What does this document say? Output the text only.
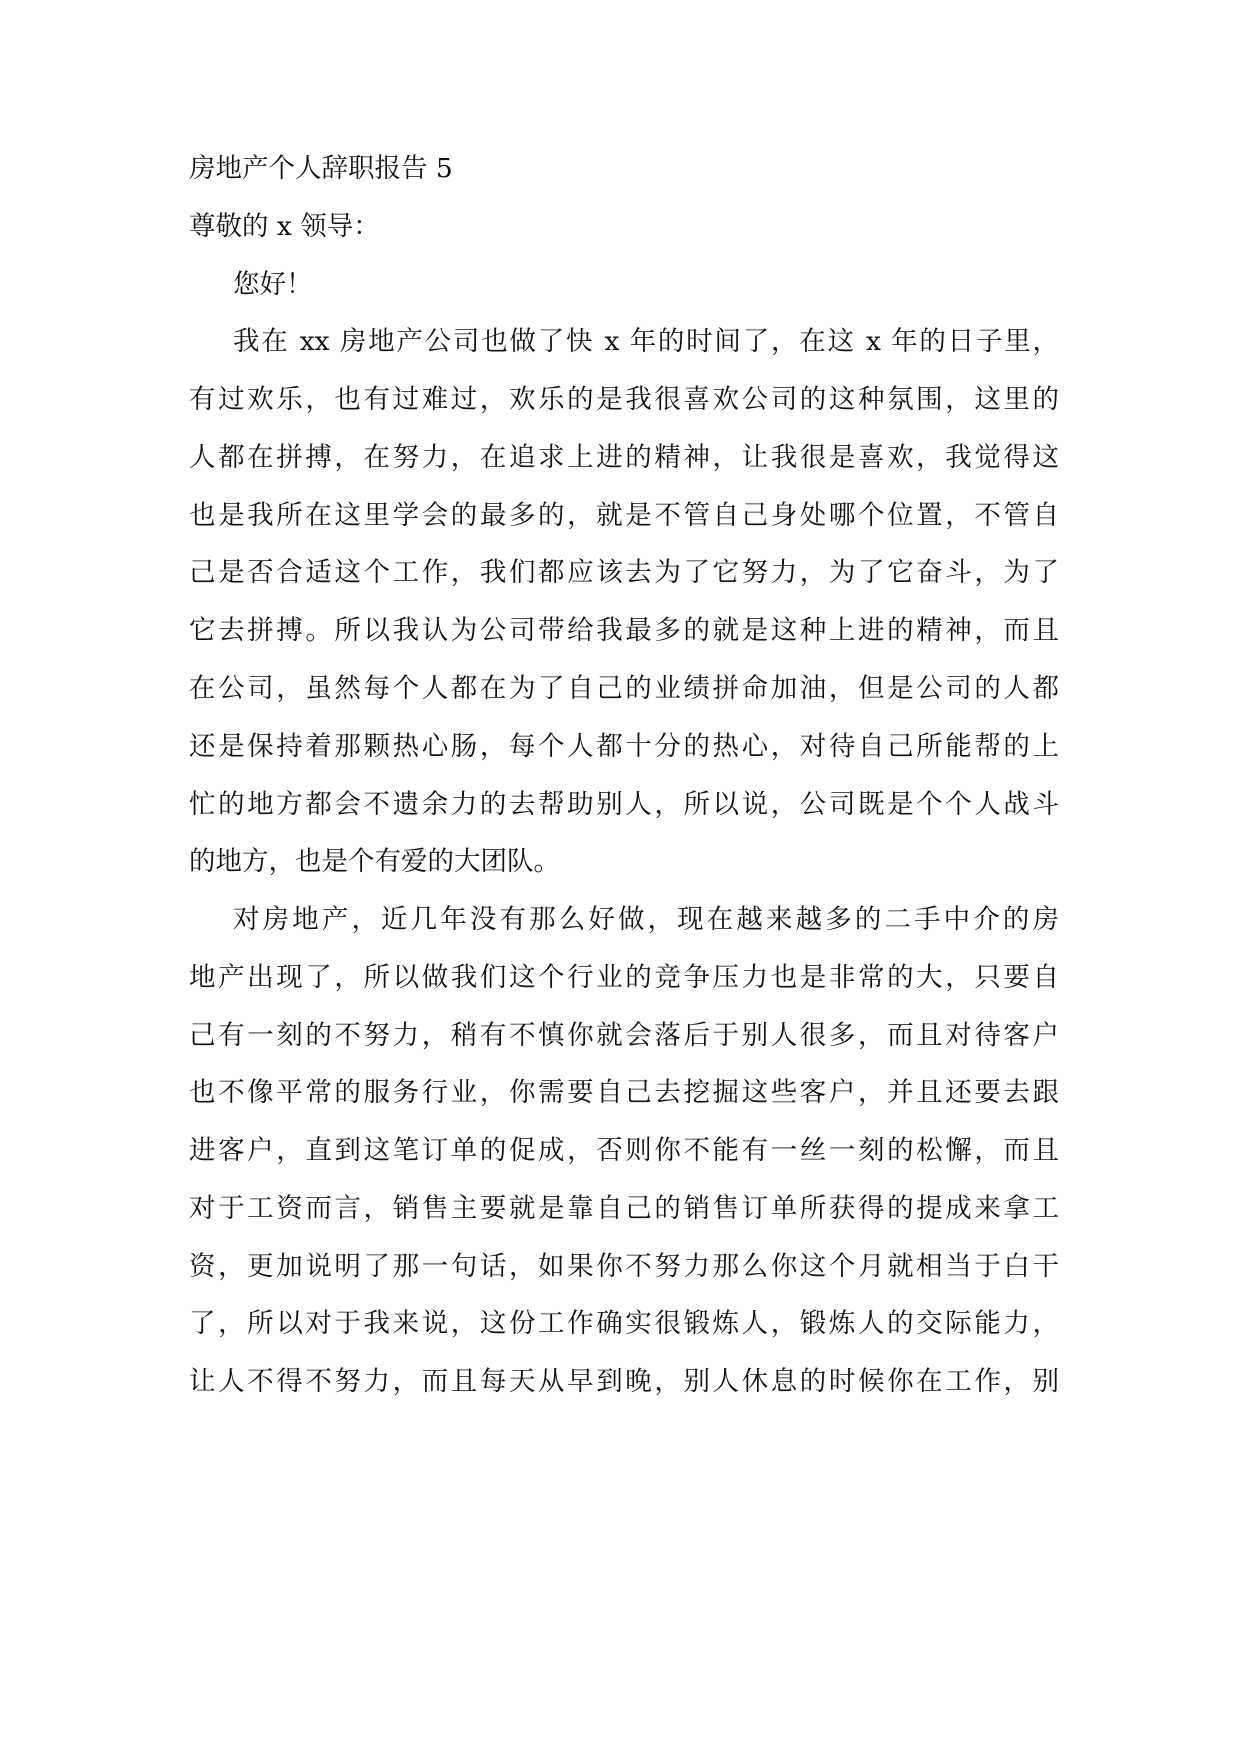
房地产个人辞职报告 5
尊敬的 x 领导：
您好！
我在 xx 房地产公司也做了快 x 年的时间了，在这 x 年的日子里，
有过欢乐，也有过难过，欢乐的是我很喜欢公司的这种氛围，这里的
人都在拼搏，在努力，在追求上进的精神，让我很是喜欢，我觉得这
也是我所在这里学会的最多的，就是不管自己身处哪个位置，不管自
己是否合适这个工作，我们都应该去为了它努力，为了它奋斗，为了
它去拼搏。所以我认为公司带给我最多的就是这种上进的精神，而且
在公司，虽然每个人都在为了自己的业绩拼命加油，但是公司的人都
还是保持着那颗热心肠，每个人都十分的热心，对待自己所能帮的上
忙的地方都会不遗余力的去帮助别人，所以说，公司既是个个人战斗
的地方，也是个有爱的大团队。
对房地产，近几年没有那么好做，现在越来越多的二手中介的房
地产出现了，所以做我们这个行业的竞争压力也是非常的大，只要自
己有一刻的不努力，稍有不慎你就会落后于别人很多，而且对待客户
也不像平常的服务行业，你需要自己去挖掘这些客户，并且还要去跟
进客户，直到这笔订单的促成，否则你不能有一丝一刻的松懈，而且
对于工资而言，销售主要就是靠自己的销售订单所获得的提成来拿工
资，更加说明了那一句话，如果你不努力那么你这个月就相当于白干
了，所以对于我来说，这份工作确实很锻炼人，锻炼人的交际能力，
让人不得不努力，而且每天从早到晚，别人休息的时候你在工作，别
